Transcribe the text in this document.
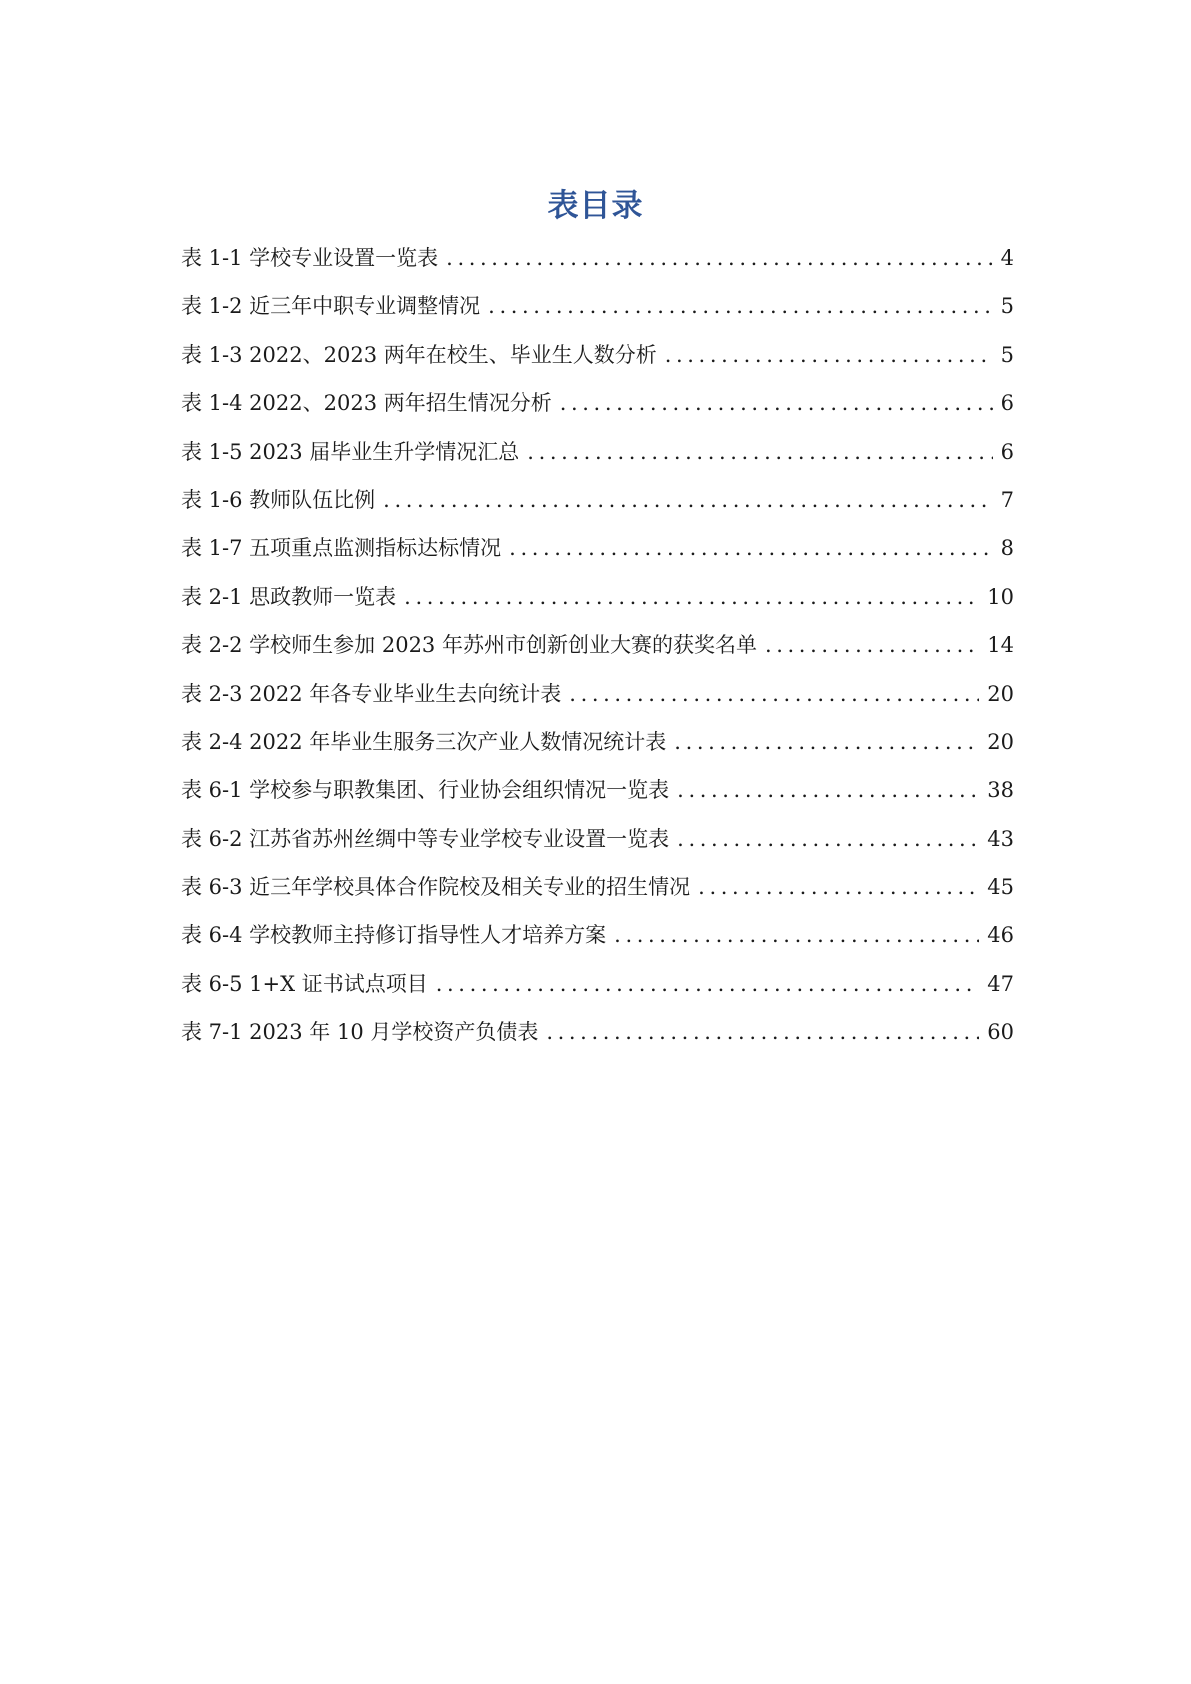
表目录
表 1-1 学校专业设置一览表 .....	4
表 1-2 近三年中职专业调整情况 .....	5
表 1-3 2022、2023 两年在校生、毕业生人数分析 .....	5
表 1-4 2022、2023 两年招生情况分析 .....	6
表 1-5 2023 届毕业生升学情况汇总 .....	6
表 1-6 教师队伍比例 .....	7
表 1-7 五项重点监测指标达标情况 .....	8
表 2-1 思政教师一览表 .....	10
表 2-2 学校师生参加 2023 年苏州市创新创业大赛的获奖名单 .....	14
表 2-3 2022 年各专业毕业生去向统计表 .....	20
表 2-4 2022 年毕业生服务三次产业人数情况统计表 .....	20
表 6-1 学校参与职教集团、行业协会组织情况一览表 .....	38
表 6-2 江苏省苏州丝绸中等专业学校专业设置一览表 .....	43
表 6-3 近三年学校具体合作院校及相关专业的招生情况 .....	45
表 6-4 学校教师主持修订指导性人才培养方案 .....	46
表 6-5 1+X 证书试点项目 .....	47
表 7-1 2023 年 10 月学校资产负债表 .....	60
